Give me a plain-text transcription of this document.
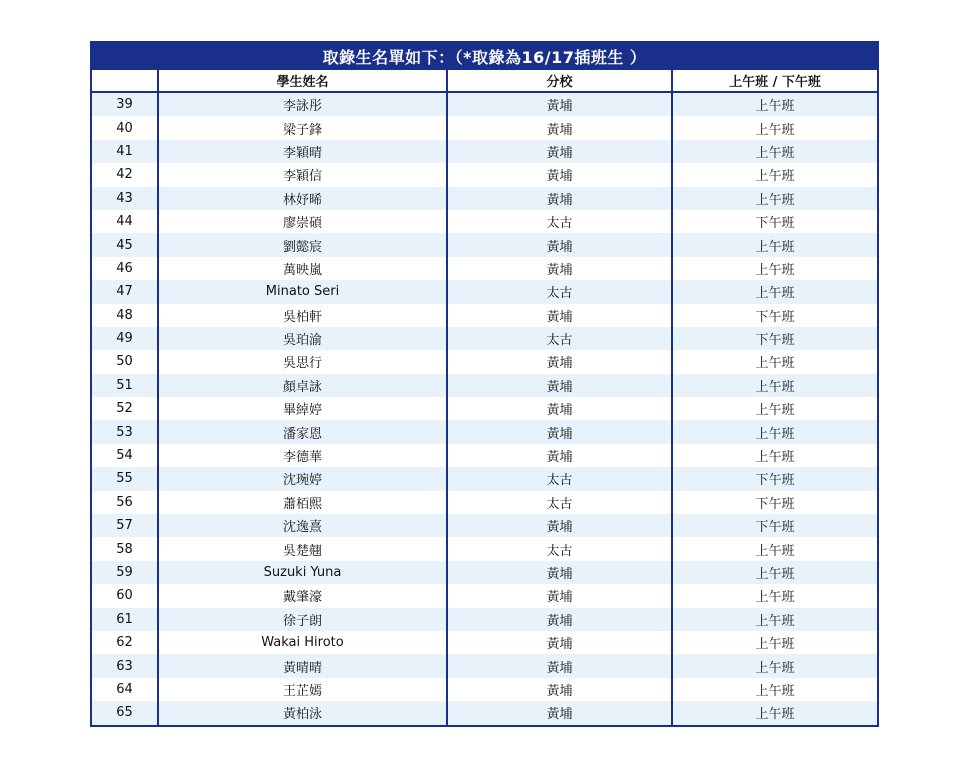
取錄生名單如下：（*取錄為16/17插班生 ）			
	學生姓名	分校	上午班 / 下午班
39	李詠彤	黃埔	上午班
40	梁子鋒	黃埔	上午班
41	李穎晴	黃埔	上午班
42	李穎信	黃埔	上午班
43	林妤晞	黃埔	上午班
44	廖崇碩	太古	下午班
45	劉懿宸	黃埔	上午班
46	萬映嵐	黃埔	上午班
47	Minato Seri	太古	上午班
48	吳柏軒	黃埔	下午班
49	吳珀渝	太古	下午班
50	吳思行	黃埔	上午班
51	顏卓詠	黃埔	上午班
52	畢綽婷	黃埔	上午班
53	潘家恩	黃埔	上午班
54	李德華	黃埔	上午班
55	沈琬婷	太古	下午班
56	蕭栢熙	太古	下午班
57	沈逸熹	黃埔	下午班
58	吳楚翹	太古	上午班
59	Suzuki Yuna	黃埔	上午班
60	戴肇濠	黃埔	上午班
61	徐子朗	黃埔	上午班
62	Wakai Hiroto	黃埔	上午班
63	黃晴晴	黃埔	上午班
64	王芷嫣	黃埔	上午班
65	黃柏泳	黃埔	上午班
